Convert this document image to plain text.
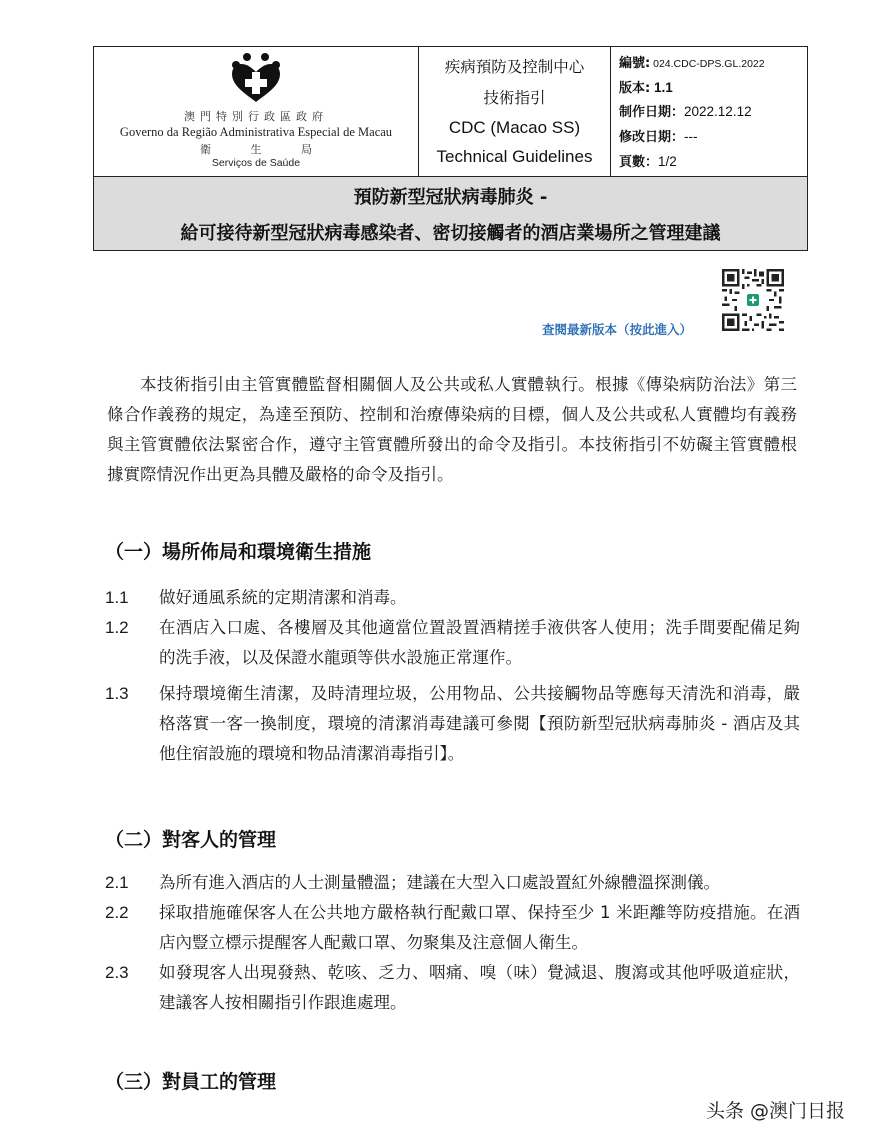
澳門特別行政區政府
Governo da Região Administrativa Especial de Macau
衛 生 局
Serviços de Saúde
疾病預防及控制中心
技術指引
CDC (Macao SS)
Technical Guidelines
編號: 024.CDC-DPS.GL.2022
版本: 1.1
制作日期：2022.12.12
修改日期：---
頁數：1/2
預防新型冠狀病毒肺炎 -
給可接待新型冠狀病毒感染者、密切接觸者的酒店業場所之管理建議
查閱最新版本（按此進入）

本技術指引由主管實體監督相關個人及公共或私人實體執行。根據《傳染病防治法》第三條合作義務的規定，為達至預防、控制和治療傳染病的目標，個人及公共或私人實體均有義務與主管實體依法緊密合作，遵守主管實體所發出的命令及指引。本技術指引不妨礙主管實體根據實際情況作出更為具體及嚴格的命令及指引。

（一）場所佈局和環境衛生措施
1.1	做好通風系統的定期清潔和消毒。
1.2	在酒店入口處、各樓層及其他適當位置設置酒精搓手液供客人使用；洗手間要配備足夠的洗手液，以及保證水龍頭等供水設施正常運作。
1.3	保持環境衛生清潔，及時清理垃圾，公用物品、公共接觸物品等應每天清洗和消毒，嚴格落實一客一換制度，環境的清潔消毒建議可參閱【預防新型冠狀病毒肺炎 - 酒店及其他住宿設施的環境和物品清潔消毒指引】。
（二）對客人的管理
2.1	為所有進入酒店的人士測量體溫；建議在大型入口處設置紅外線體溫探測儀。
2.2	採取措施確保客人在公共地方嚴格執行配戴口罩、保持至少 1 米距離等防疫措施。在酒店內豎立標示提醒客人配戴口罩、勿聚集及注意個人衛生。
2.3	如發現客人出現發熱、乾咳、乏力、咽痛、嗅（味）覺減退、腹瀉或其他呼吸道症狀，建議客人按相關指引作跟進處理。
（三）對員工的管理
头条 @澳门日报
